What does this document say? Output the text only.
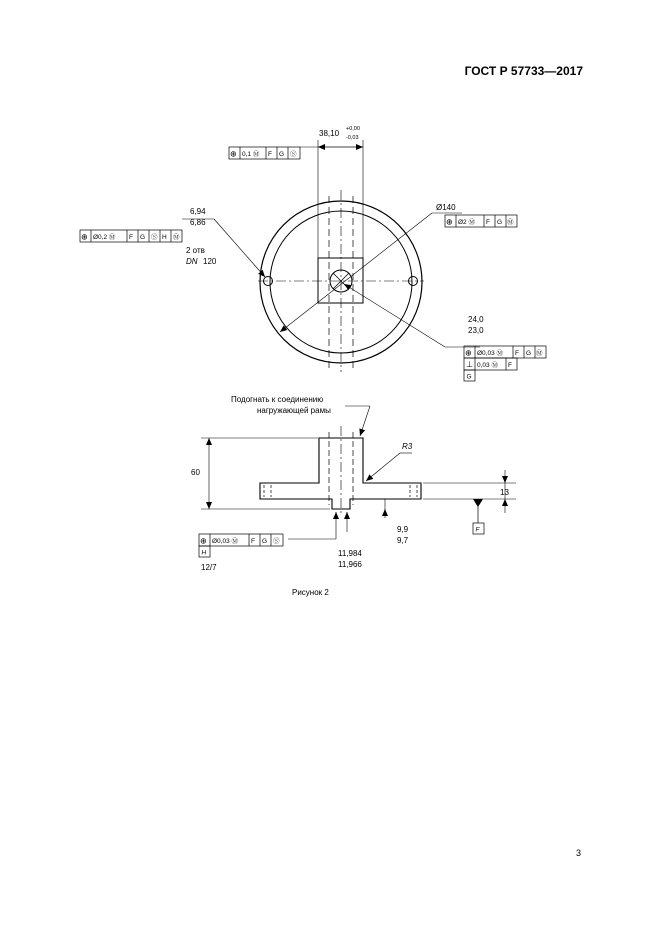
ГОСТ Р 57733—2017
38,10 +0,00
-0,03
⊕ 0,1 Ⓜ F G Ⓢ
6,94
6,86
⊕ Ø0,2 Ⓜ F G Ⓢ H Ⓜ
2 отв
DN 120
Ø140
⊕ Ø2 Ⓜ F G Ⓜ
24,0
23,0
⊕ Ø0,03 Ⓜ F G Ⓜ
⊥ 0,03 Ⓜ F
G
Подогнать к соединению
нагружающей рамы
R3
60
13
F
9,9
9,7
⊕ Ø0,03 Ⓜ F G Ⓢ
H
12/7
11,984
11,966
Рисунок 2
3
